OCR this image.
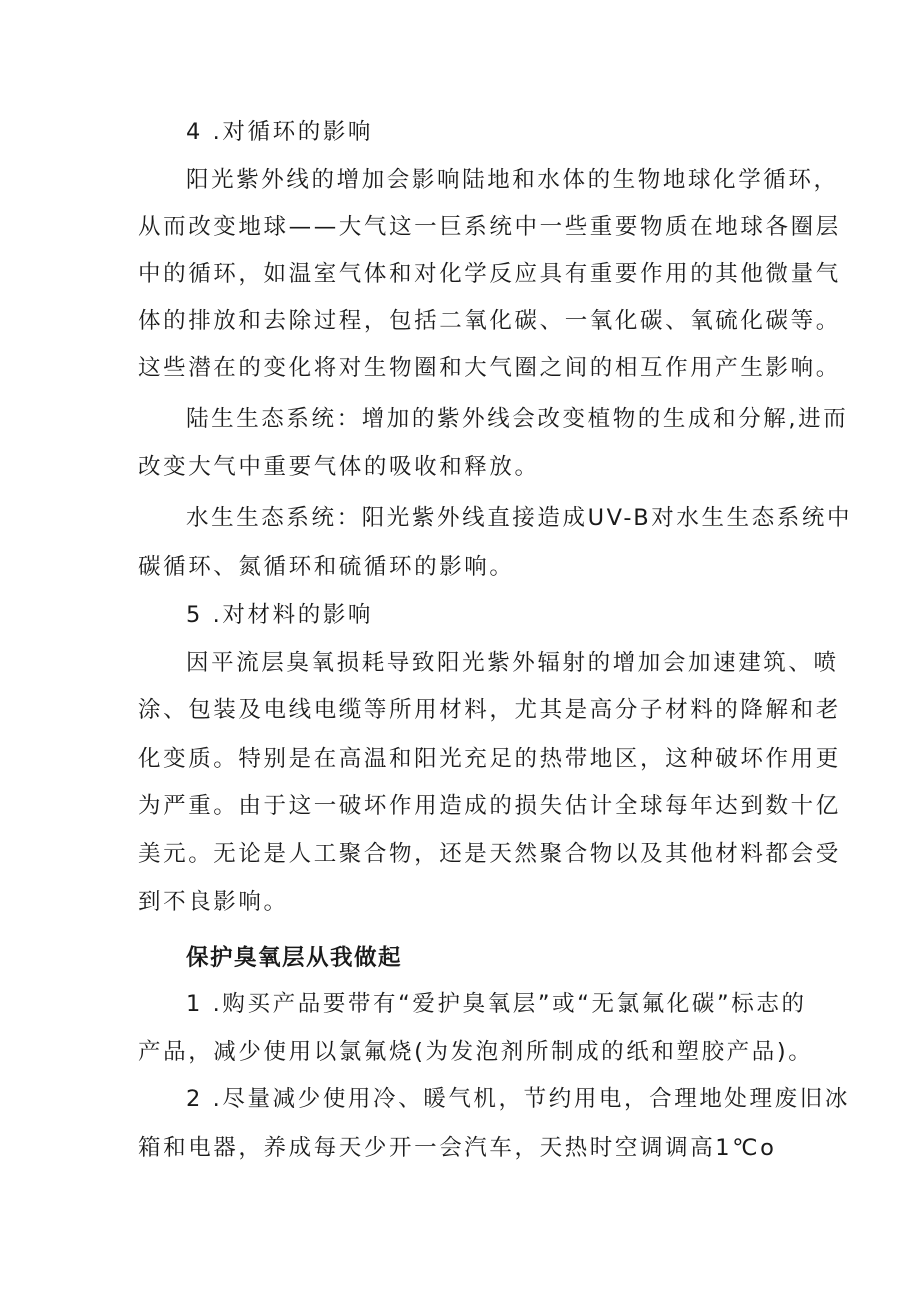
4 .对循环的影响
阳光紫外线的增加会影响陆地和水体的生物地球化学循环，
从而改变地球——大气这一巨系统中一些重要物质在地球各圈层
中的循环，如温室气体和对化学反应具有重要作用的其他微量气
体的排放和去除过程，包括二氧化碳、一氧化碳、氧硫化碳等。
这些潜在的变化将对生物圈和大气圈之间的相互作用产生影响。
陆生生态系统：增加的紫外线会改变植物的生成和分解,进而
改变大气中重要气体的吸收和释放。
水生生态系统：阳光紫外线直接造成UV-B对水生生态系统中
碳循环、氮循环和硫循环的影响。
5 .对材料的影响
因平流层臭氧损耗导致阳光紫外辐射的增加会加速建筑、喷
涂、包装及电线电缆等所用材料，尤其是高分子材料的降解和老
化变质。特别是在高温和阳光充足的热带地区，这种破坏作用更
为严重。由于这一破坏作用造成的损失估计全球每年达到数十亿
美元。无论是人工聚合物，还是天然聚合物以及其他材料都会受
到不良影响。
保护臭氧层从我做起
1 .购买产品要带有“爱护臭氧层”或“无氯氟化碳”标志的
产品，减少使用以氯氟烧(为发泡剂所制成的纸和塑胶产品)。
2 .尽量减少使用冷、暖气机，节约用电，合理地处理废旧冰
箱和电器，养成每天少开一会汽车，天热时空调调高1℃o
